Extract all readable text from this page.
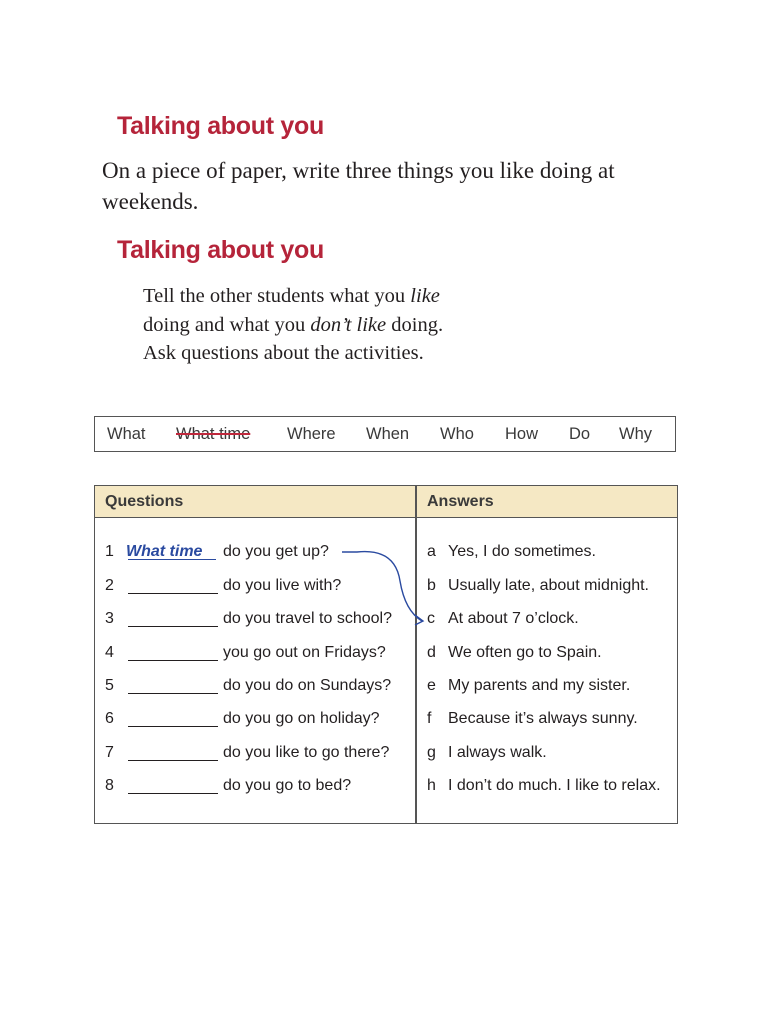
Talking about you

On a piece of paper, write three things you like doing at weekends.

Talking about you

Tell the other students what you like doing and what you don’t like doing. Ask questions about the activities.

What What time Where When Who How Do Why
Questions	Answers
1 What time do you get up?	a Yes, I do sometimes.
2	do you live with?	b Usually late, about midnight.
3	do you travel to school? c At about 7 o’clock.
4	you go out on Fridays?	d We often go to Spain.
5	do you do on Sundays? e My parents and my sister.
6	do you go on holiday?	f Because it’s always sunny.
7	do you like to go there? g I always walk.
8	do you go to bed?	h I don’t do much. I like to relax.
